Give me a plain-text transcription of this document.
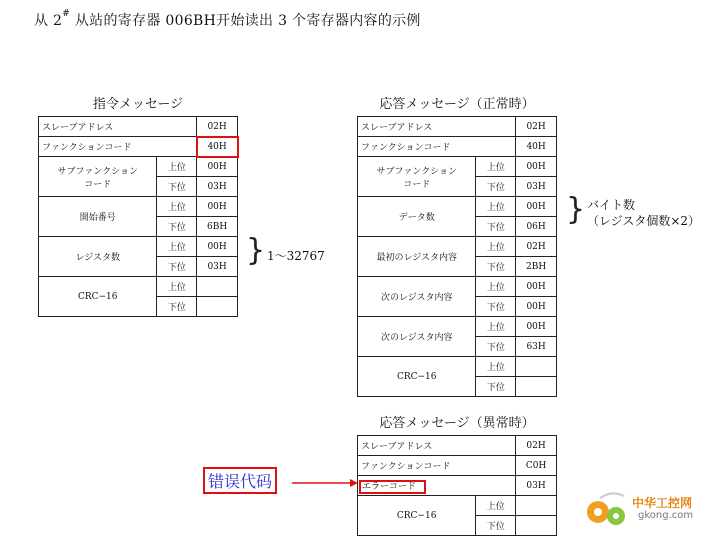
从 2# 从站的寄存器 006BH开始读出 3 个寄存器内容的示例
指令メッセージ
スレーブアドレス		02H
ファンクションコード		40H
サブファンクション
コード	上位	00H
	下位	03H
開始番号	上位	00H
	下位	6BH
レジスタ数	上位	00H
	下位	03H
CRC−16	上位	
	下位	
} 1～32767
応答メッセージ（正常時）
スレーブアドレス		02H
ファンクションコード		40H
サブファンクション
コード	上位	00H
	下位	03H
データ数	上位	00H
	下位	06H
最初のレジスタ内容	上位	02H
	下位	2BH
次のレジスタ内容	上位	00H
	下位	00H
次のレジスタ内容	上位	00H
	下位	63H
CRC−16	上位	
	下位	
} バイト数
（レジスタ個数×2）
応答メッセージ（異常時）
スレーブアドレス		02H
ファンクションコード		C0H
エラーコード		03H
CRC−16	上位	
	下位	
错误代码
中华工控网
gkong.com
